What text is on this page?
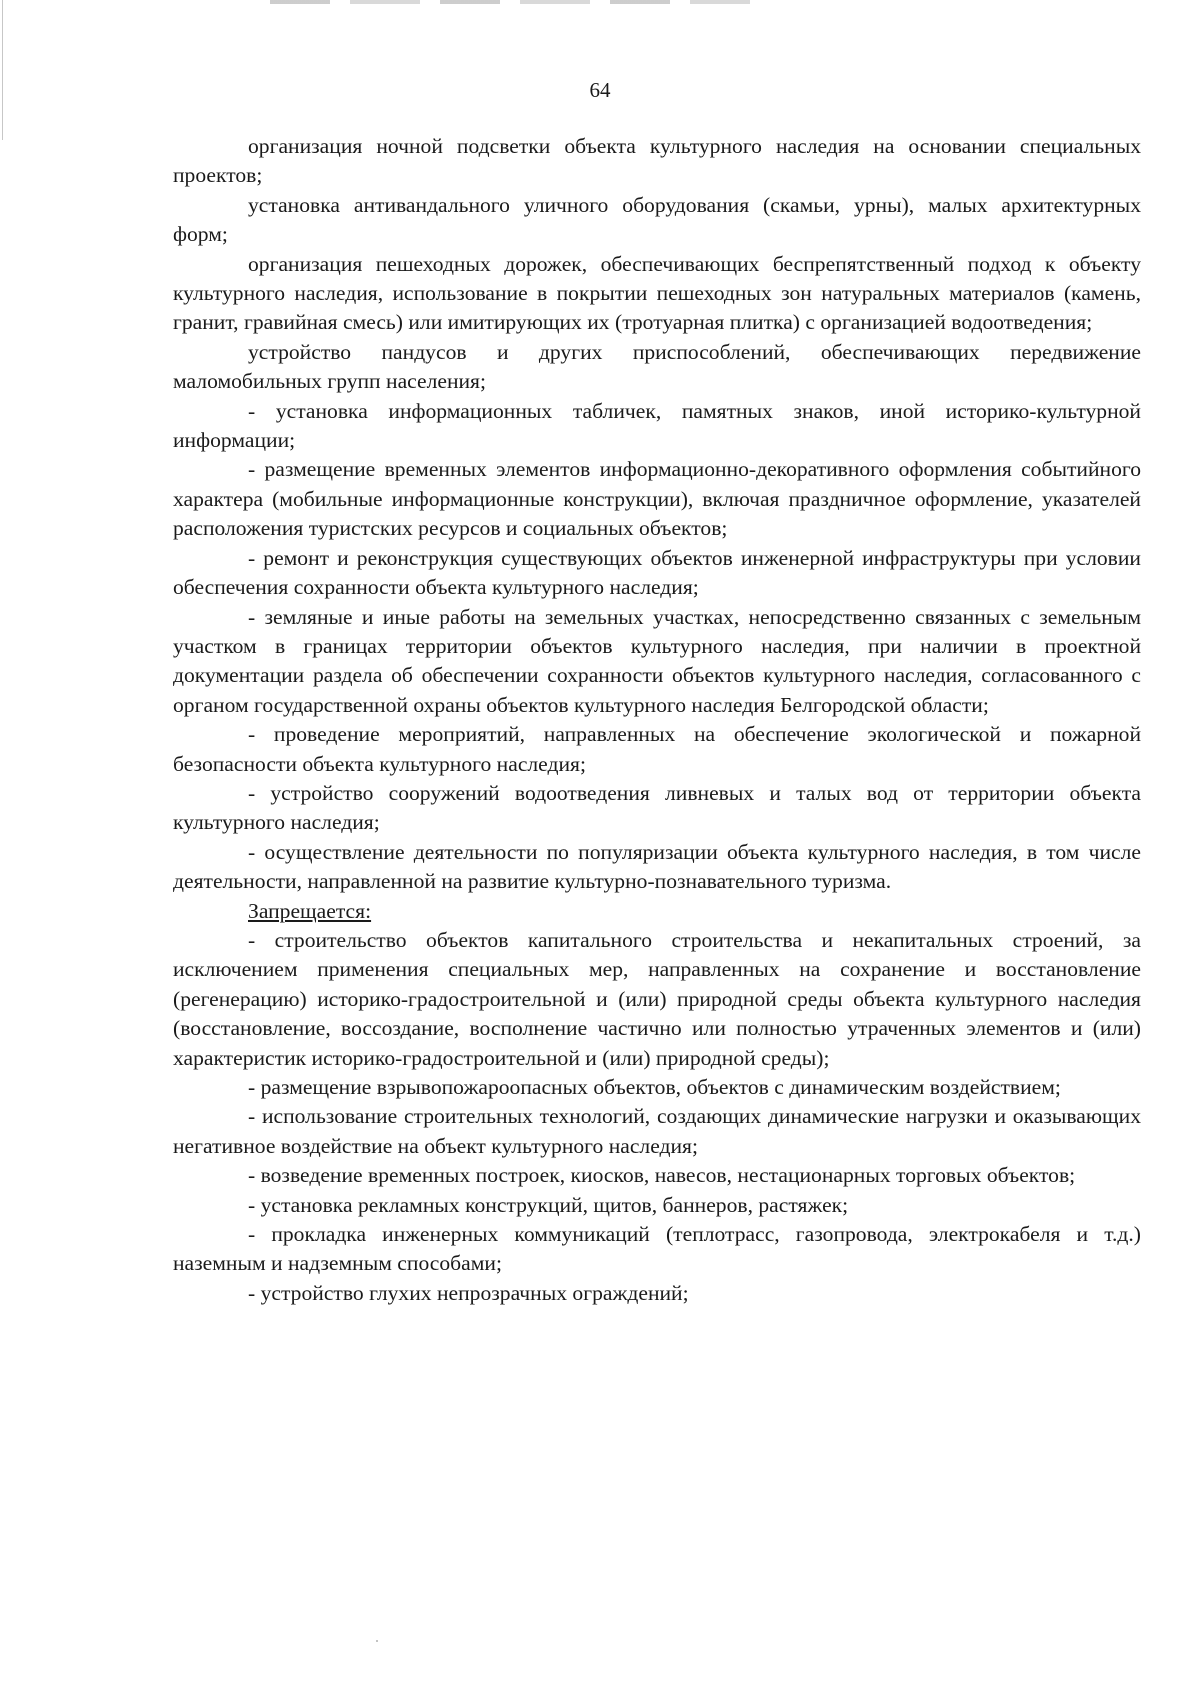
64

организация ночной подсветки объекта культурного наследия на основании специальных проектов;

установка антивандального уличного оборудования (скамьи, урны), малых архитектурных форм;

организация пешеходных дорожек, обеспечивающих беспрепятственный подход к объекту культурного наследия, использование в покрытии пешеходных зон натуральных материалов (камень, гранит, гравийная смесь) или имитирующих их (тротуарная плитка) с организацией водоотведения;

устройство пандусов и других приспособлений, обеспечивающих передвижение маломобильных групп населения;

- установка информационных табличек, памятных знаков, иной историко-культурной информации;

- размещение временных элементов информационно-декоративного оформления событийного характера (мобильные информационные конструкции), включая праздничное оформление, указателей расположения туристских ресурсов и социальных объектов;

- ремонт и реконструкция существующих объектов инженерной инфраструктуры при условии обеспечения сохранности объекта культурного наследия;

- земляные и иные работы на земельных участках, непосредственно связанных с земельным участком в границах территории объектов культурного наследия, при наличии в проектной документации раздела об обеспечении сохранности объектов культурного наследия, согласованного с органом государственной охраны объектов культурного наследия Белгородской области;

- проведение мероприятий, направленных на обеспечение экологической и пожарной безопасности объекта культурного наследия;

- устройство сооружений водоотведения ливневых и талых вод от территории объекта культурного наследия;

- осуществление деятельности по популяризации объекта культурного наследия, в том числе деятельности, направленной на развитие культурно-познавательного туризма.

Запрещается:

- строительство объектов капитального строительства и некапитальных строений, за исключением применения специальных мер, направленных на сохранение и восстановление (регенерацию) историко-градостроительной и (или) природной среды объекта культурного наследия (восстановление, воссоздание, восполнение частично или полностью утраченных элементов и (или) характеристик историко-градостроительной и (или) природной среды);

- размещение взрывопожароопасных объектов, объектов с динамическим воздействием;

- использование строительных технологий, создающих динамические нагрузки и оказывающих негативное воздействие на объект культурного наследия;

- возведение временных построек, киосков, навесов, нестационарных торговых объектов;

- установка рекламных конструкций, щитов, баннеров, растяжек;

- прокладка инженерных коммуникаций (теплотрасс, газопровода, электрокабеля и т.д.) наземным и надземным способами;

- устройство глухих непрозрачных ограждений;
